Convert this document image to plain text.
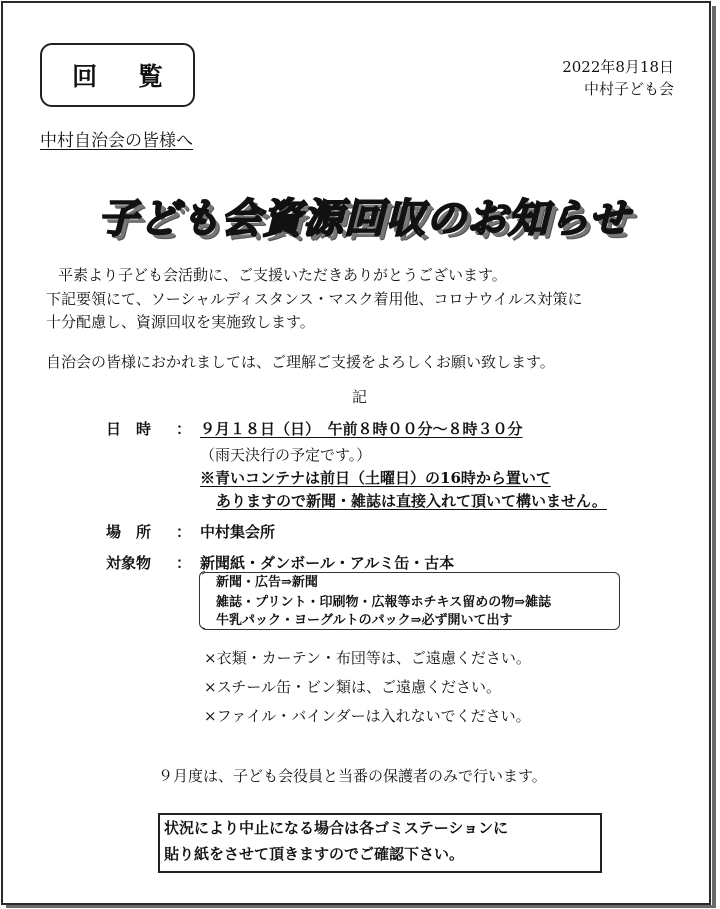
回 覧	2022年8月18日
中村子ども会
中村自治会の皆様へ
子ども会資源回収のお知らせ
平素より子ども会活動に、ご支援いただきありがとうございます。
下記要領にて、ソーシャルディスタンス・マスク着用他、コロナウイルス対策に
十分配慮し、資源回収を実施致します。
自治会の皆様におかれましては、ご理解ご支援をよろしくお願い致します。
記
日　時 ： ９月１８日（日）　午前８時００分～８時３０分
（雨天決行の予定です。）
※青いコンテナは前日（土曜日）の16時から置いて
ありますので新聞・雑誌は直接入れて頂いて構いません。
場　所 ： 中村集会所
対象物 ： 新聞紙・ダンボール・アルミ缶・古本
新聞・広告⇒新聞
雑誌・プリント・印刷物・広報等ホチキス留めの物⇒雑誌
牛乳パック・ヨーグルトのパック⇒必ず開いて出す
×衣類・カーテン・布団等は、ご遠慮ください。
×スチール缶・ビン類は、ご遠慮ください。
×ファイル・バインダーは入れないでください。
９月度は、子ども会役員と当番の保護者のみで行います。
状況により中止になる場合は各ゴミステーションに
貼り紙をさせて頂きますのでご確認下さい。
